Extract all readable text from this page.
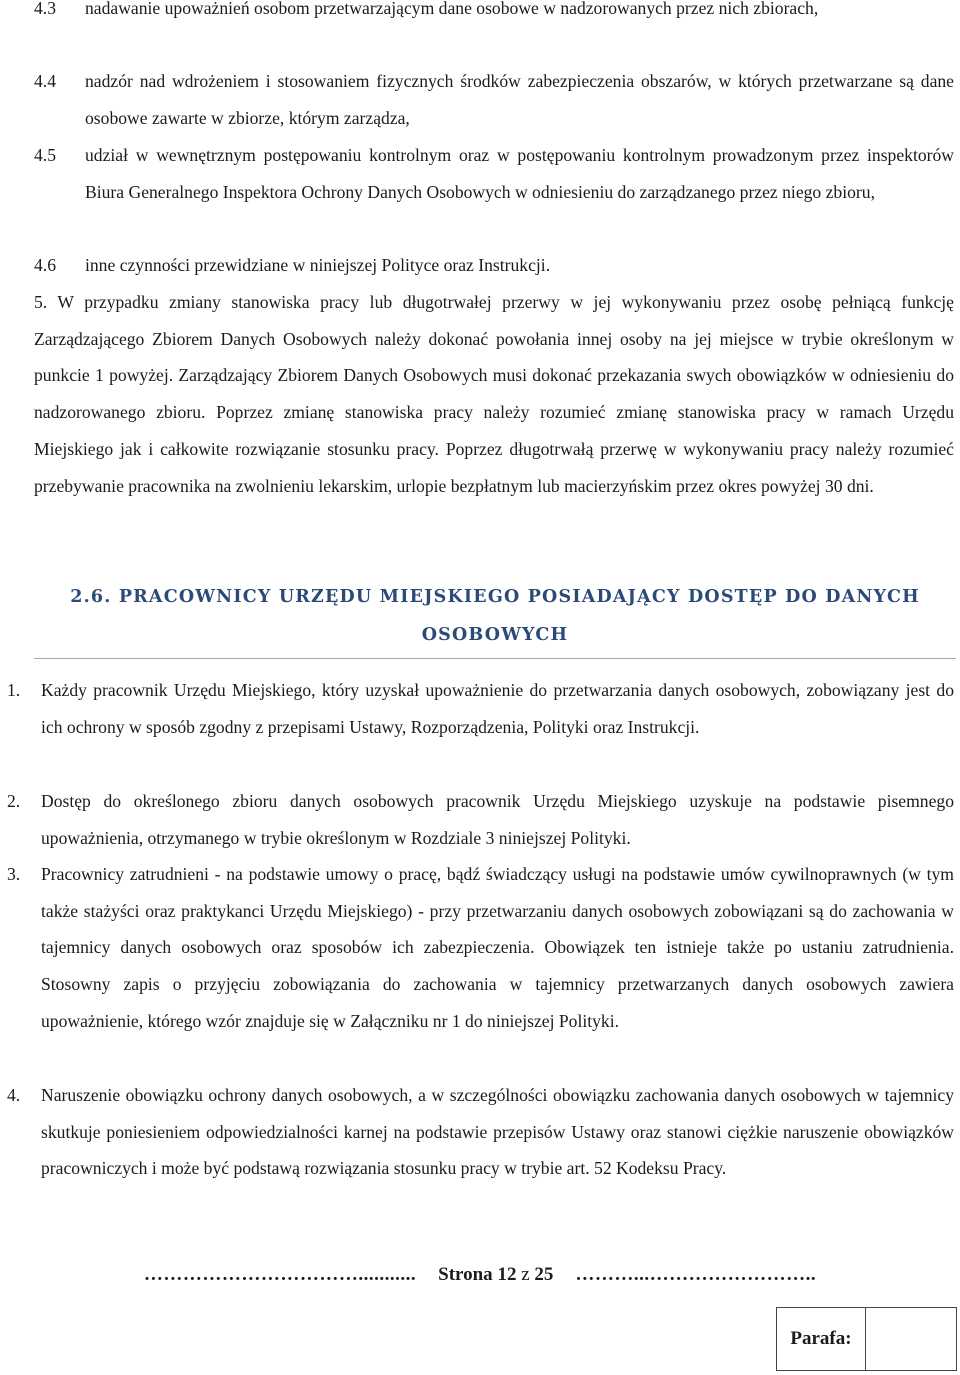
4.3 nadawanie upoważnień osobom przetwarzającym dane osobowe w nadzorowanych przez nich zbiorach,
4.4 nadzór nad wdrożeniem i stosowaniem fizycznych środków zabezpieczenia obszarów, w których przetwarzane są dane osobowe zawarte w zbiorze, którym zarządza,
4.5 udział w wewnętrznym postępowaniu kontrolnym oraz w postępowaniu kontrolnym prowadzonym przez inspektorów Biura Generalnego Inspektora Ochrony Danych Osobowych w odniesieniu do zarządzanego przez niego zbioru,
4.6 inne czynności przewidziane w niniejszej Polityce oraz Instrukcji.
5. W przypadku zmiany stanowiska pracy lub długotrwałej przerwy w jej wykonywaniu przez osobę pełniącą funkcję Zarządzającego Zbiorem Danych Osobowych należy dokonać powołania innej osoby na jej miejsce w trybie określonym w punkcie 1 powyżej. Zarządzający Zbiorem Danych Osobowych musi dokonać przekazania swych obowiązków w odniesieniu do nadzorowanego zbioru. Poprzez zmianę stanowiska pracy należy rozumieć zmianę stanowiska pracy w ramach Urzędu Miejskiego jak i całkowite rozwiązanie stosunku pracy. Poprzez długotrwałą przerwę w wykonywaniu pracy należy rozumieć przebywanie pracownika na zwolnieniu lekarskim, urlopie bezpłatnym lub macierzyńskim przez okres powyżej 30 dni.
2.6. PRACOWNICY URZĘDU MIEJSKIEGO POSIADAJĄCY DOSTĘP DO DANYCH
OSOBOWYCH
1. Każdy pracownik Urzędu Miejskiego, który uzyskał upoważnienie do przetwarzania danych osobowych, zobowiązany jest do ich ochrony w sposób zgodny z przepisami Ustawy, Rozporządzenia, Polityki oraz Instrukcji.
2. Dostęp do określonego zbioru danych osobowych pracownik Urzędu Miejskiego uzyskuje na podstawie pisemnego upoważnienia, otrzymanego w trybie określonym w Rozdziale 3 niniejszej Polityki.
3. Pracownicy zatrudnieni - na podstawie umowy o pracę, bądź świadczący usługi na podstawie umów cywilnoprawnych (w tym także stażyści oraz praktykanci Urzędu Miejskiego) - przy przetwarzaniu danych osobowych zobowiązani są do zachowania w tajemnicy danych osobowych oraz sposobów ich zabezpieczenia. Obowiązek ten istnieje także po ustaniu zatrudnienia. Stosowny zapis o przyjęciu zobowiązania do zachowania w tajemnicy przetwarzanych danych osobowych zawiera upoważnienie, którego wzór znajduje się w Załączniku nr 1 do niniejszej Polityki.
4. Naruszenie obowiązku ochrony danych osobowych, a w szczególności obowiązku zachowania danych osobowych w tajemnicy skutkuje poniesieniem odpowiedzialności karnej na podstawie przepisów Ustawy oraz stanowi ciężkie naruszenie obowiązków pracowniczych i może być podstawą rozwiązania stosunku pracy w trybie art. 52 Kodeksu Pracy.
……………………………........... Strona 12 z 25 ………...……………………..
Parafa:
